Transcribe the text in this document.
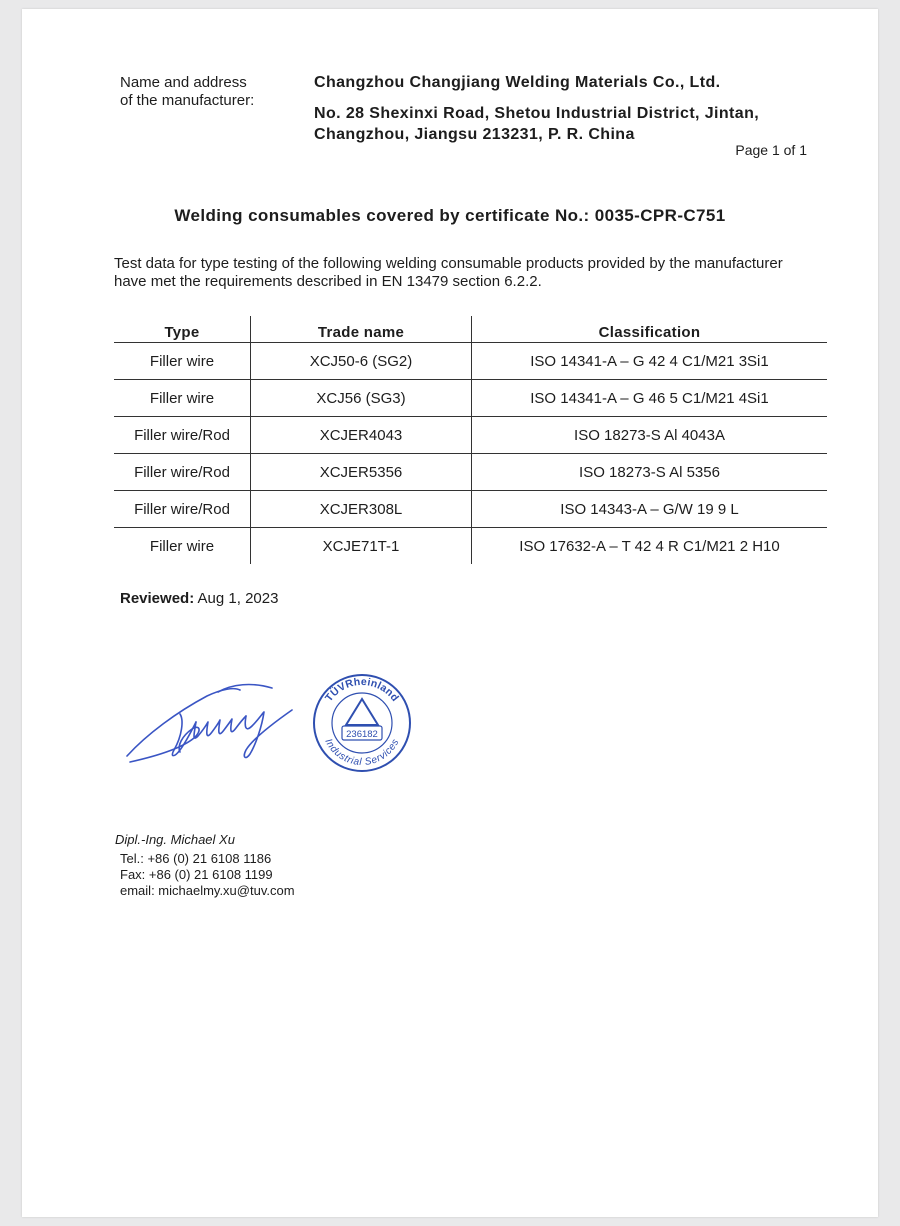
Name and address
of the manufacturer:
Changzhou Changjiang Welding Materials Co., Ltd.
No. 28 Shexinxi Road, Shetou Industrial District, Jintan,
Changzhou, Jiangsu 213231, P. R. China
Page 1 of 1
Welding consumables covered by certificate No.: 0035-CPR-C751
Test data for type testing of the following welding consumable products provided by the manufacturer
have met the requirements described in EN 13479 section 6.2.2.
Type	Trade name	Classification
Filler wire	XCJ50-6 (SG2)	ISO 14341-A – G 42 4 C1/M21 3Si1
Filler wire	XCJ56 (SG3)	ISO 14341-A – G 46 5 C1/M21 4Si1
Filler wire/Rod	XCJER4043	ISO 18273-S Al 4043A
Filler wire/Rod	XCJER5356	ISO 18273-S Al 5356
Filler wire/Rod	XCJER308L	ISO 14343-A – G/W 19 9 L
Filler wire	XCJE71T-1	ISO 17632-A – T 42 4 R C1/M21 2 H10
Reviewed: Aug 1, 2023
TÜVRheinland
Industrial Services
236182
Dipl.-Ing. Michael Xu
Tel.: +86 (0) 21 6108 1186
Fax: +86 (0) 21 6108 1199
email: michaelmy.xu@tuv.com
